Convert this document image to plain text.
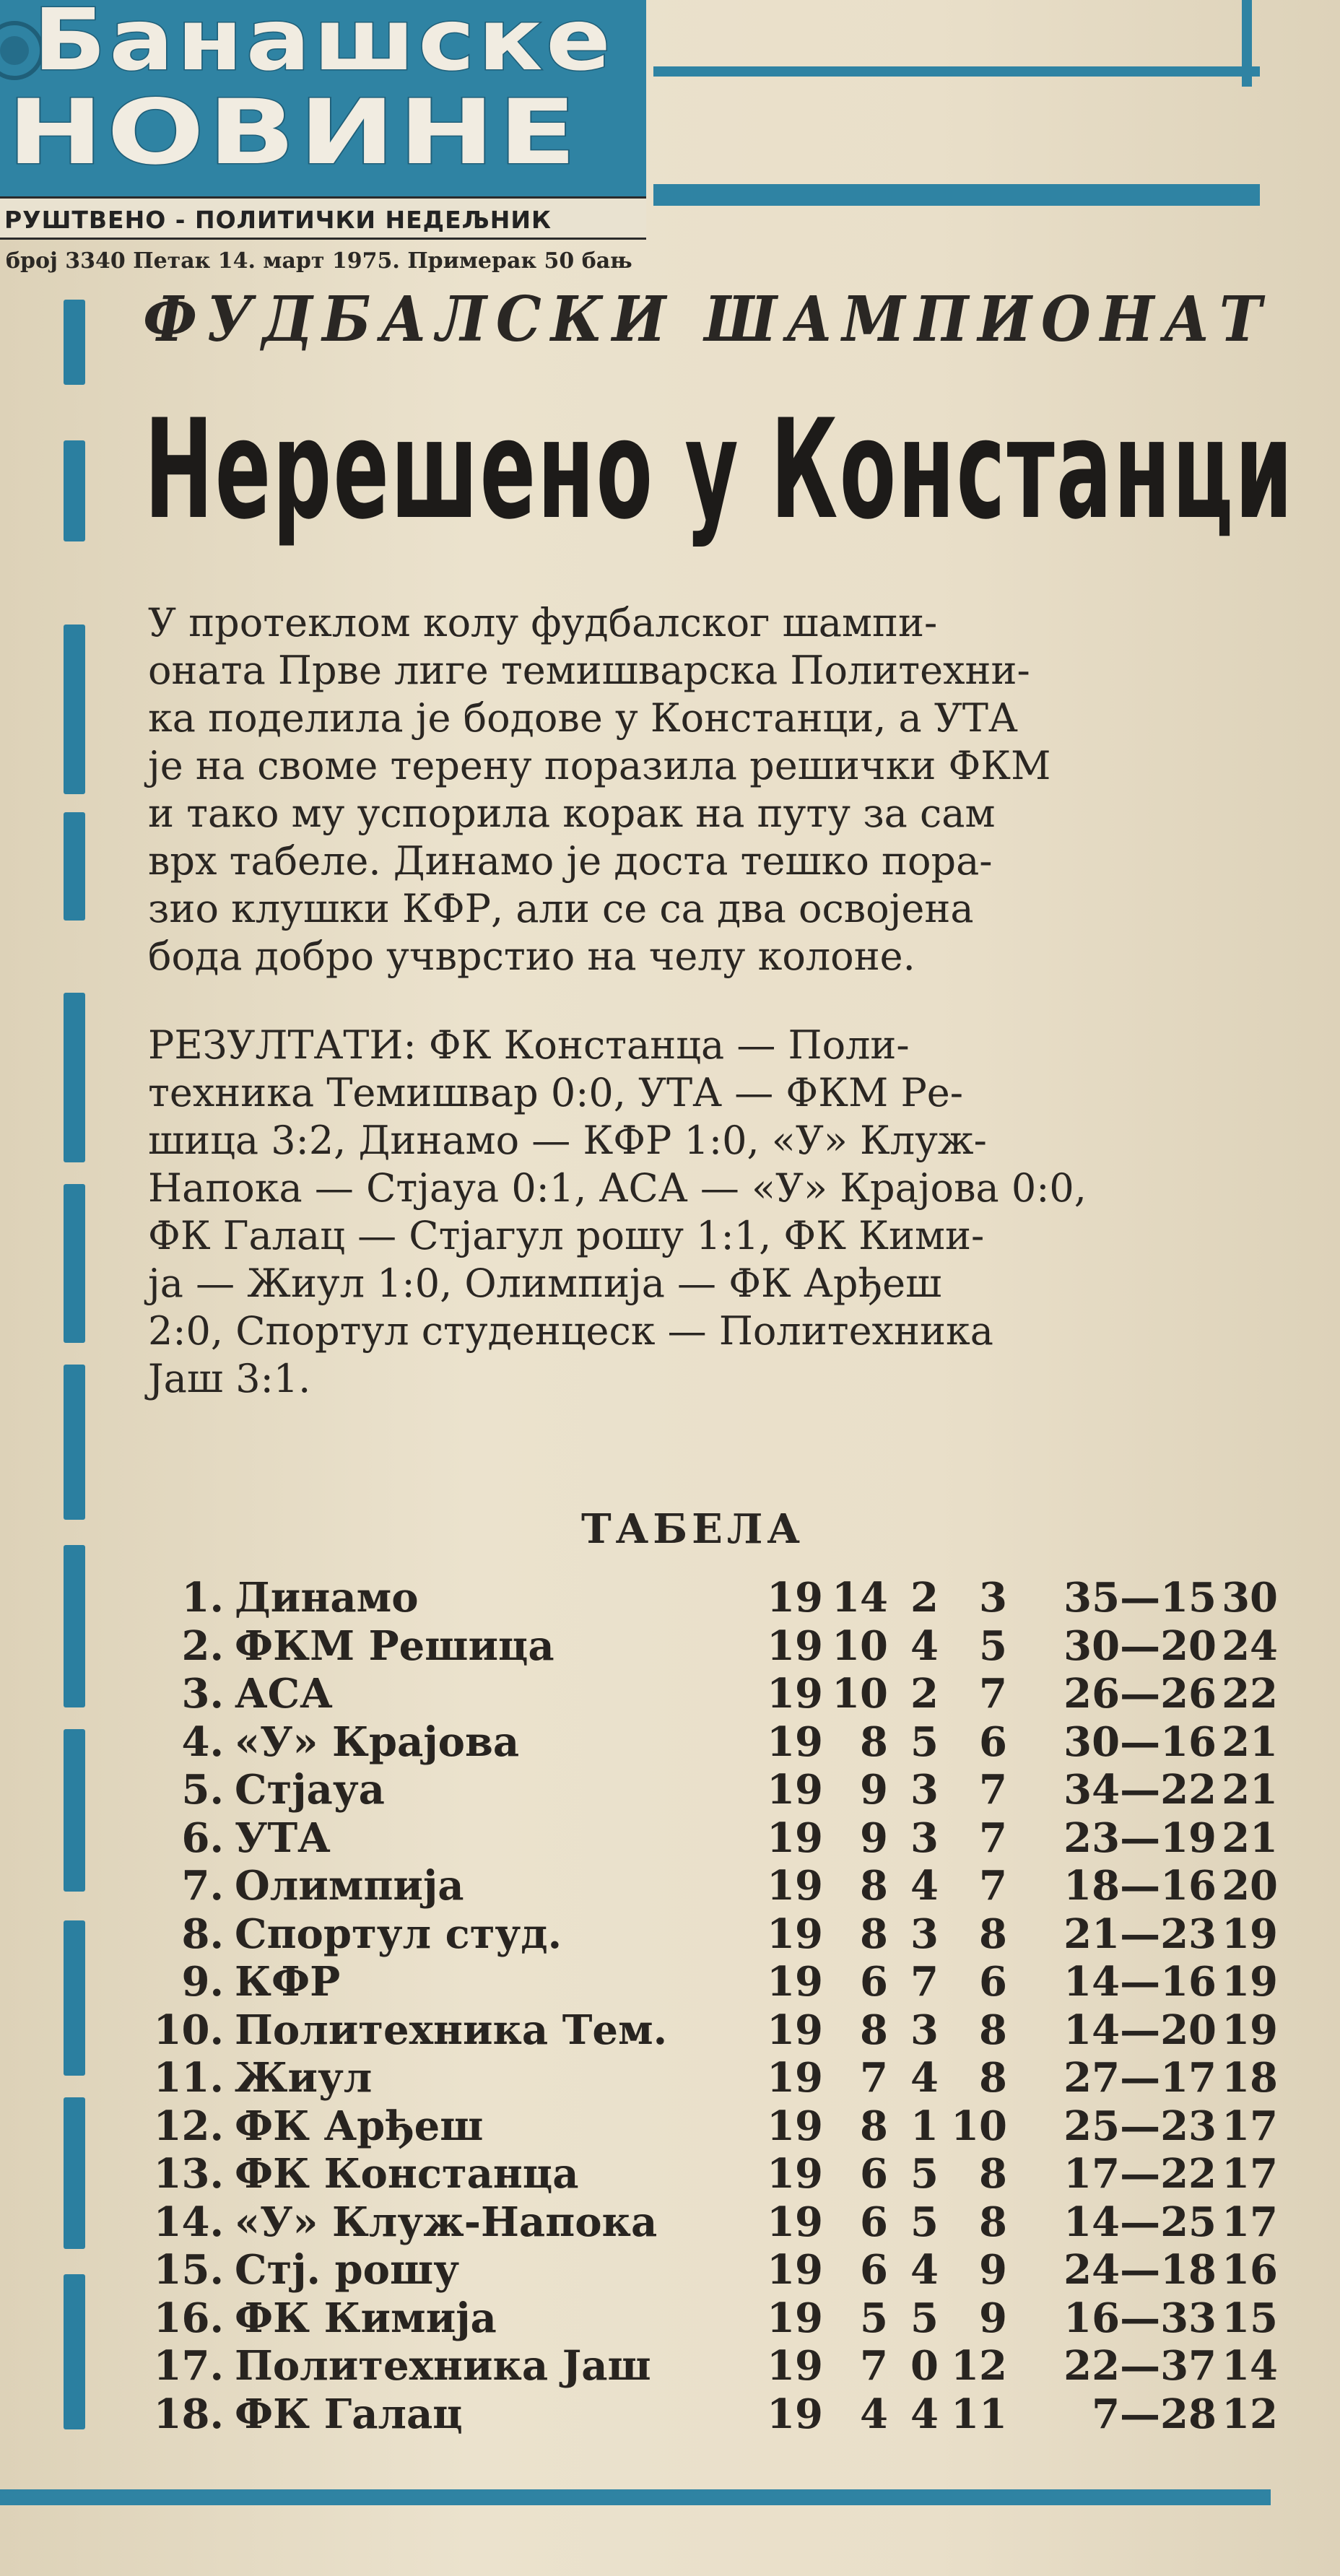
Банашске
НОВИНЕ
РУШТВЕНО - ПОЛИТИЧКИ НЕДЕЉНИК
број 3340 Петак 14. март 1975. Примерак 50 бањ
ФУДБАЛСКИ ШАМПИОНАТ
Нерешено у Констанци
У протеклом колу фудбалског шампи-
оната Прве лиге темишварска Политехни-
ка поделила је бодове у Констанци, а УТА
је на своме терену поразила решички ФКМ
и тако му успорила корак на путу за сам
врх табеле. Динамо је доста тешко пора-
зио клушки КФР, али се са два освојена
бода добро учврстио на челу колоне.
РЕЗУЛТАТИ: ФК Констанца — Поли-
техника Темишвар 0:0, УТА — ФКМ Ре-
шица 3:2, Динамо — КФР 1:0, «У» Клуж-
Напока — Стјауа 0:1, АСА — «У» Крајова 0:0,
ФК Галац — Стјагул рошу 1:1, ФК Кими-
ја — Жиул 1:0, Олимпија — ФК Арђеш
2:0, Спортул студенцеск — Политехника
Јаш 3:1.
ТАБЕЛА
1. Динамо	19 14 2	3	35—15 30
2. ФКМ Решица	19 10 4	5	30—20 24
3. АСА	19 10 2	7	26—26 22
4. «У» Крајова	19 8 5	6	30—16 21
5. Стјауа	19 9 3	7	34—22 21
6. УТА	19 9 3	7	23—19 21
7. Олимпија	19 8 4	7	18—16 20
8. Спортул студ.	19 8 3	8	21—23 19
9. КФР	19 6 7	6	14—16 19
10. Политехника Тем. 19 8 3	8	14—20 19
11. Жиул	19 7 4	8	27—17 18
12. ФК Арђеш	19 8 1 10	25—23 17
13. ФК Констанца	19 6 5	8	17—22 17
14. «У» Клуж-Напока	19 6 5	8	14—25 17
15. Стј. рошу	19 6 4	9	24—18 16
16. ФК Кимија	19 5 5	9	16—33 15
17. Политехника Јаш	19 7 0 12	22—37 14
18. ФК Галац	19 4 4 11	7—28 12
